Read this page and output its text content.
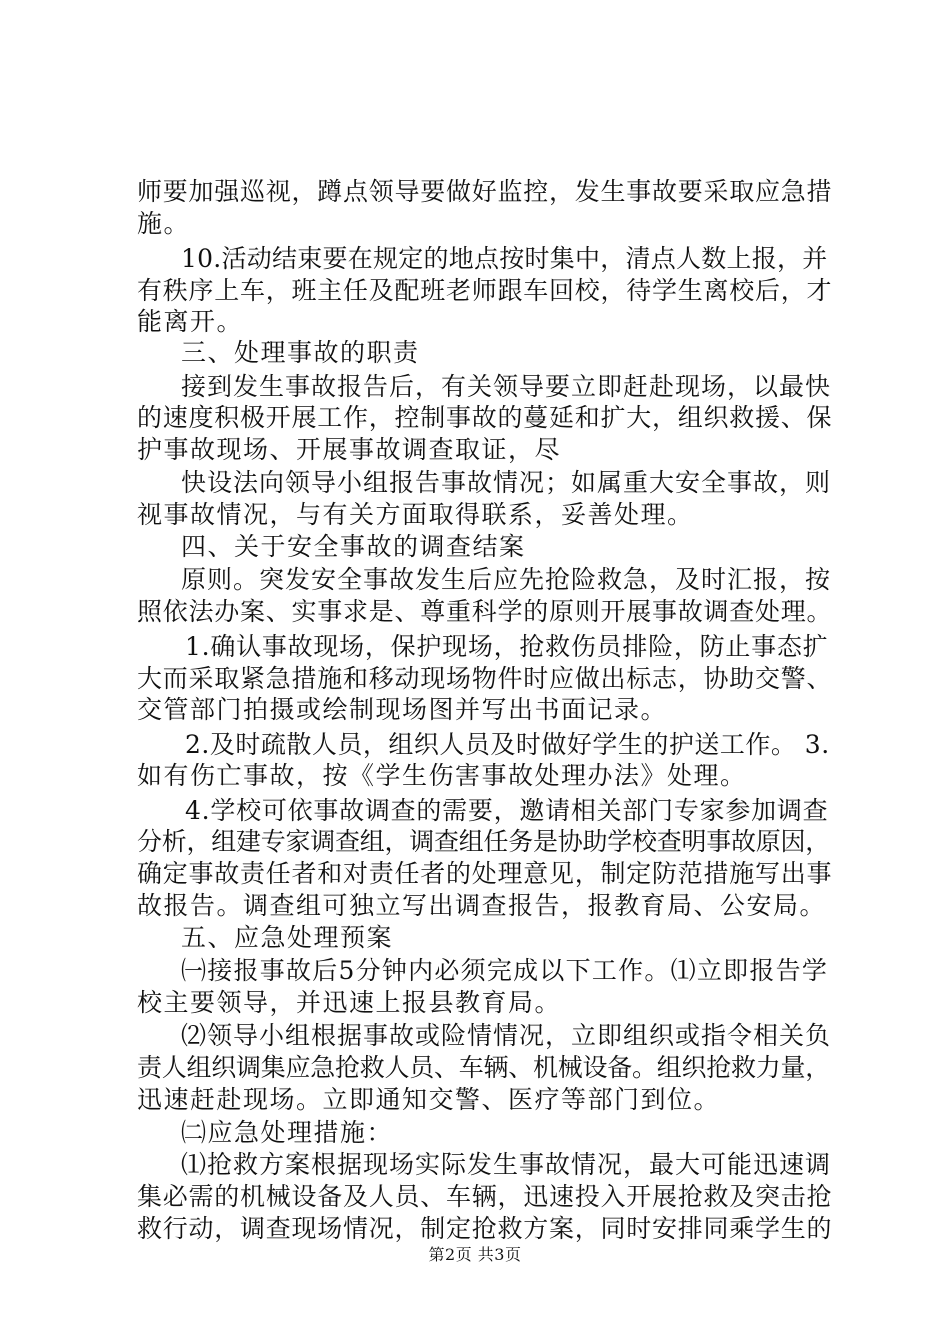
师要加强巡视，蹲点领导要做好监控，发生事故要采取应急措
施。
10.活动结束要在规定的地点按时集中，清点人数上报，并
有秩序上车，班主任及配班老师跟车回校，待学生离校后，才
能离开。
三、处理事故的职责
接到发生事故报告后，有关领导要立即赶赴现场，以最快
的速度积极开展工作，控制事故的蔓延和扩大，组织救援、保
护事故现场、开展事故调查取证，尽
快设法向领导小组报告事故情况；如属重大安全事故，则
视事故情况，与有关方面取得联系，妥善处理。
四、关于安全事故的调查结案
原则。突发安全事故发生后应先抢险救急，及时汇报，按
照依法办案、实事求是、尊重科学的原则开展事故调查处理。
1.确认事故现场，保护现场，抢救伤员排险，防止事态扩
大而采取紧急措施和移动现场物件时应做出标志，协助交警、
交管部门拍摄或绘制现场图并写出书面记录。
2.及时疏散人员，组织人员及时做好学生的护送工作。 3.
如有伤亡事故，按《学生伤害事故处理办法》处理。
4.学校可依事故调查的需要，邀请相关部门专家参加调查
分析，组建专家调查组，调查组任务是协助学校查明事故原因，
确定事故责任者和对责任者的处理意见，制定防范措施写出事
故报告。调查组可独立写出调查报告，报教育局、公安局。
五、应急处理预案
㈠接报事故后5分钟内必须完成以下工作。⑴立即报告学
校主要领导，并迅速上报县教育局。
⑵领导小组根据事故或险情情况，立即组织或指令相关负
责人组织调集应急抢救人员、车辆、机械设备。组织抢救力量，
迅速赶赴现场。立即通知交警、医疗等部门到位。
㈡应急处理措施：
⑴抢救方案根据现场实际发生事故情况，最大可能迅速调
集必需的机械设备及人员、车辆，迅速投入开展抢救及突击抢
救行动，调查现场情况，制定抢救方案，同时安排同乘学生的
第2页 共3页
